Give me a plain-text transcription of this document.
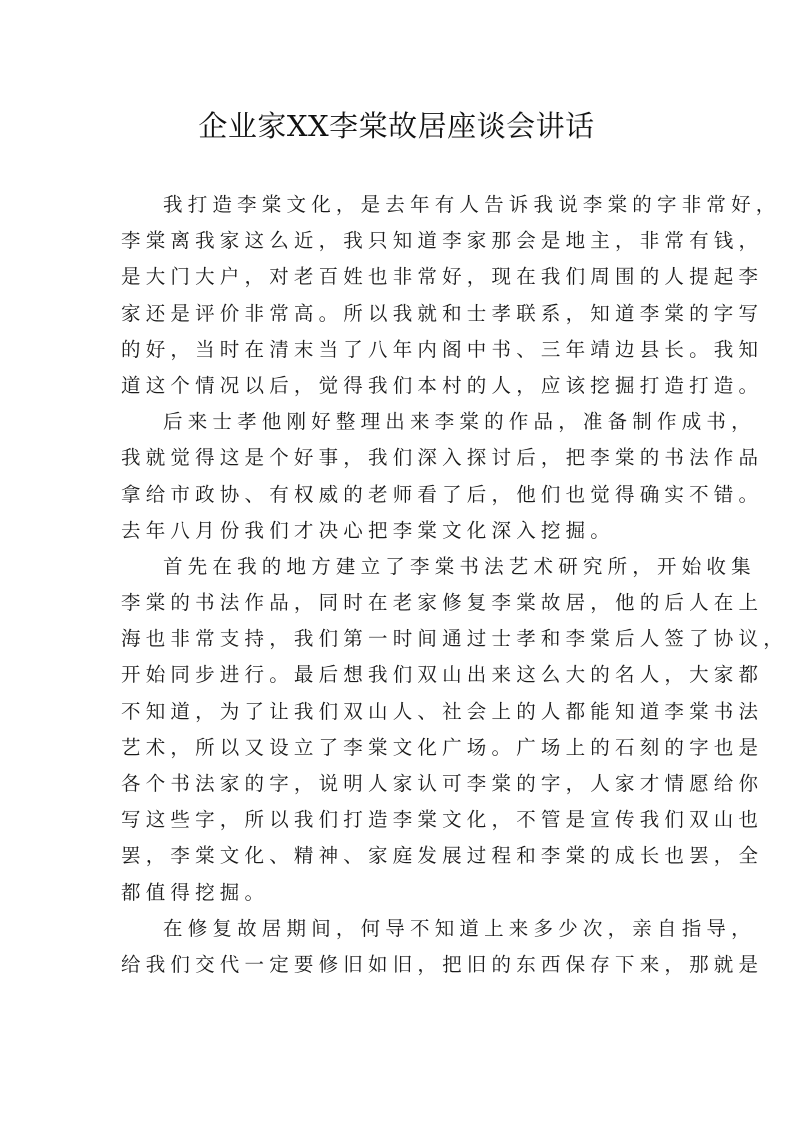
企业家XX李棠故居座谈会讲话
我打造李棠文化，是去年有人告诉我说李棠的字非常好，
李棠离我家这么近，我只知道李家那会是地主，非常有钱，
是大门大户，对老百姓也非常好，现在我们周围的人提起李
家还是评价非常高。所以我就和士孝联系，知道李棠的字写
的好，当时在清末当了八年内阁中书、三年靖边县长。我知
道这个情况以后，觉得我们本村的人，应该挖掘打造打造。
后来士孝他刚好整理出来李棠的作品，准备制作成书，
我就觉得这是个好事，我们深入探讨后，把李棠的书法作品
拿给市政协、有权威的老师看了后，他们也觉得确实不错。
去年八月份我们才决心把李棠文化深入挖掘。
首先在我的地方建立了李棠书法艺术研究所，开始收集
李棠的书法作品，同时在老家修复李棠故居，他的后人在上
海也非常支持，我们第一时间通过士孝和李棠后人签了协议，
开始同步进行。最后想我们双山出来这么大的名人，大家都
不知道，为了让我们双山人、社会上的人都能知道李棠书法
艺术，所以又设立了李棠文化广场。广场上的石刻的字也是
各个书法家的字，说明人家认可李棠的字，人家才情愿给你
写这些字，所以我们打造李棠文化，不管是宣传我们双山也
罢，李棠文化、精神、家庭发展过程和李棠的成长也罢，全
都值得挖掘。
在修复故居期间，何导不知道上来多少次，亲自指导，
给我们交代一定要修旧如旧，把旧的东西保存下来，那就是
